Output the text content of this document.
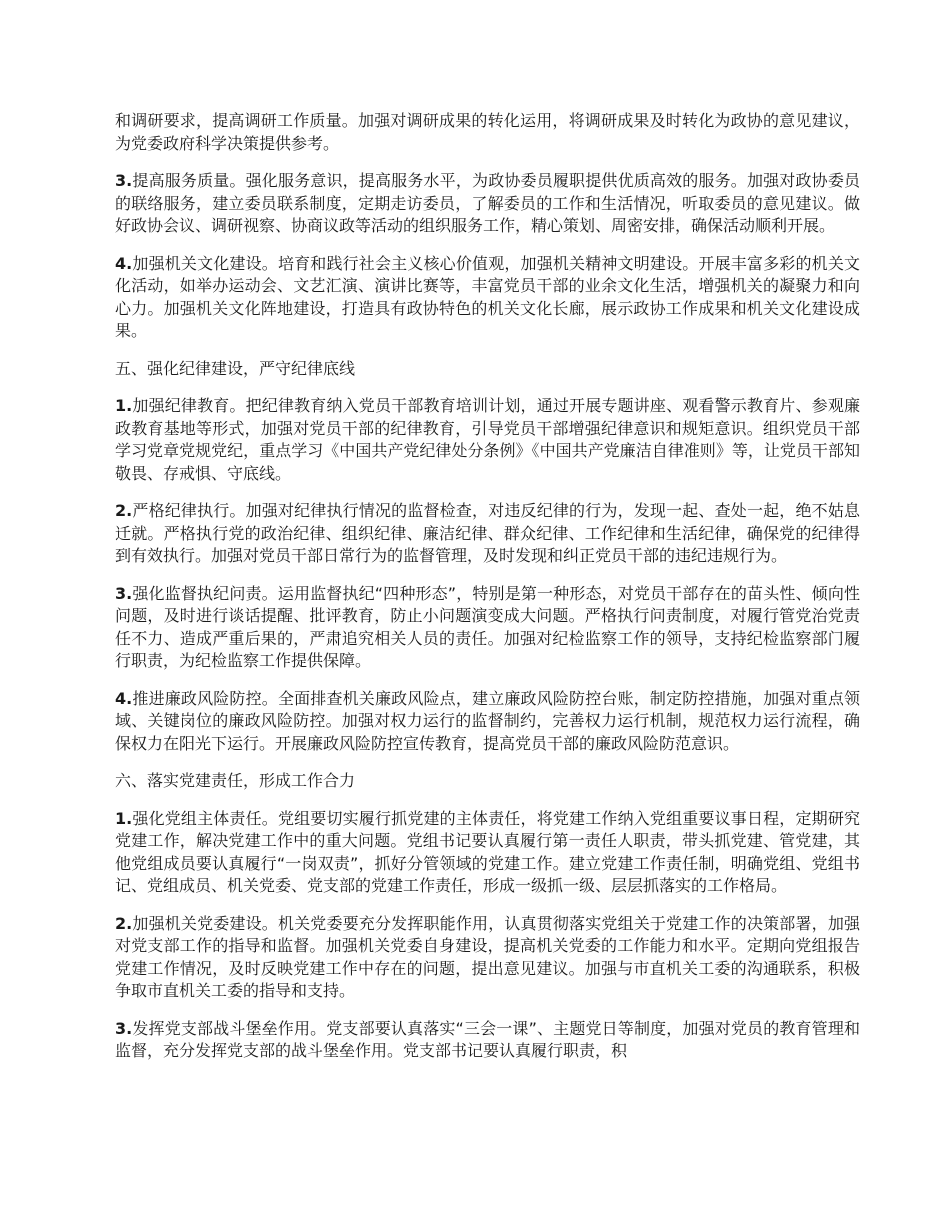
和调研要求，提高调研工作质量。加强对调研成果的转化运用，将调研成果及时转化为政协的意见建议，为党委政府科学决策提供参考。

3.提高服务质量。强化服务意识，提高服务水平，为政协委员履职提供优质高效的服务。加强对政协委员的联络服务，建立委员联系制度，定期走访委员，了解委员的工作和生活情况，听取委员的意见建议。做好政协会议、调研视察、协商议政等活动的组织服务工作，精心策划、周密安排，确保活动顺利开展。

4.加强机关文化建设。培育和践行社会主义核心价值观，加强机关精神文明建设。开展丰富多彩的机关文化活动，如举办运动会、文艺汇演、演讲比赛等，丰富党员干部的业余文化生活，增强机关的凝聚力和向心力。加强机关文化阵地建设，打造具有政协特色的机关文化长廊，展示政协工作成果和机关文化建设成果。

五、强化纪律建设，严守纪律底线

1.加强纪律教育。把纪律教育纳入党员干部教育培训计划，通过开展专题讲座、观看警示教育片、参观廉政教育基地等形式，加强对党员干部的纪律教育，引导党员干部增强纪律意识和规矩意识。组织党员干部学习党章党规党纪，重点学习《中国共产党纪律处分条例》《中国共产党廉洁自律准则》等，让党员干部知敬畏、存戒惧、守底线。

2.严格纪律执行。加强对纪律执行情况的监督检查，对违反纪律的行为，发现一起、查处一起，绝不姑息迁就。严格执行党的政治纪律、组织纪律、廉洁纪律、群众纪律、工作纪律和生活纪律，确保党的纪律得到有效执行。加强对党员干部日常行为的监督管理，及时发现和纠正党员干部的违纪违规行为。

3.强化监督执纪问责。运用监督执纪“四种形态”，特别是第一种形态，对党员干部存在的苗头性、倾向性问题，及时进行谈话提醒、批评教育，防止小问题演变成大问题。严格执行问责制度，对履行管党治党责任不力、造成严重后果的，严肃追究相关人员的责任。加强对纪检监察工作的领导，支持纪检监察部门履行职责，为纪检监察工作提供保障。

4.推进廉政风险防控。全面排查机关廉政风险点，建立廉政风险防控台账，制定防控措施，加强对重点领域、关键岗位的廉政风险防控。加强对权力运行的监督制约，完善权力运行机制，规范权力运行流程，确保权力在阳光下运行。开展廉政风险防控宣传教育，提高党员干部的廉政风险防范意识。

六、落实党建责任，形成工作合力

1.强化党组主体责任。党组要切实履行抓党建的主体责任，将党建工作纳入党组重要议事日程，定期研究党建工作，解决党建工作中的重大问题。党组书记要认真履行第一责任人职责，带头抓党建、管党建，其他党组成员要认真履行“一岗双责”，抓好分管领域的党建工作。建立党建工作责任制，明确党组、党组书记、党组成员、机关党委、党支部的党建工作责任，形成一级抓一级、层层抓落实的工作格局。

2.加强机关党委建设。机关党委要充分发挥职能作用，认真贯彻落实党组关于党建工作的决策部署，加强对党支部工作的指导和监督。加强机关党委自身建设，提高机关党委的工作能力和水平。定期向党组报告党建工作情况，及时反映党建工作中存在的问题，提出意见建议。加强与市直机关工委的沟通联系，积极争取市直机关工委的指导和支持。

3.发挥党支部战斗堡垒作用。党支部要认真落实“三会一课”、主题党日等制度，加强对党员的教育管理和监督，充分发挥党支部的战斗堡垒作用。党支部书记要认真履行职责，积
